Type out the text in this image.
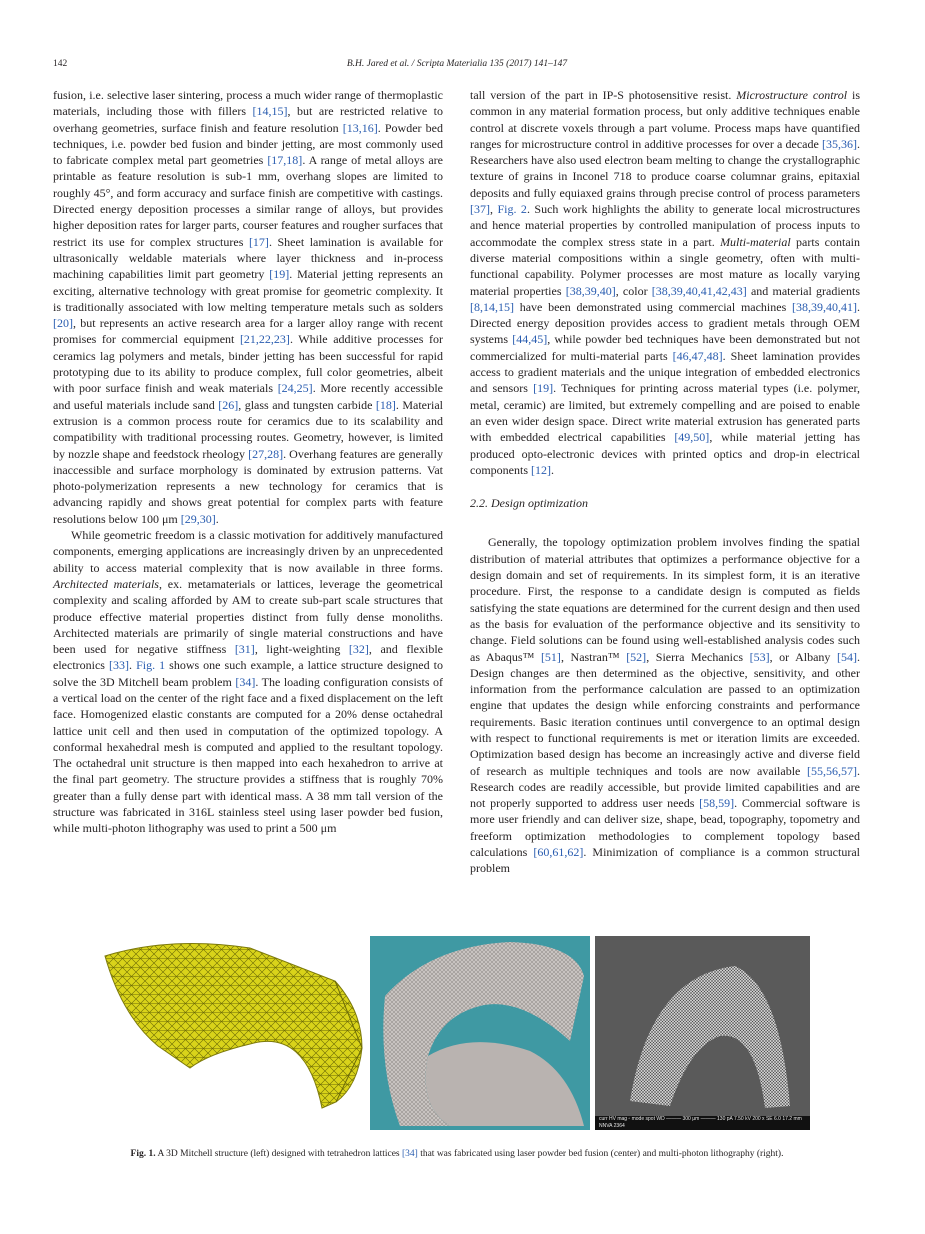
142	B.H. Jared et al. / Scripta Materialia 135 (2017) 141–147

fusion, i.e. selective laser sintering, process a much wider range of thermoplastic materials, including those with fillers [14,15], but are restricted relative to overhang geometries, surface finish and feature resolution [13,16]. Powder bed techniques, i.e. powder bed fusion and binder jetting, are most commonly used to fabricate complex metal part geometries [17,18]. A range of metal alloys are printable as feature resolution is sub-1 mm, overhang slopes are limited to roughly 45°, and form accuracy and surface finish are competitive with castings. Directed energy deposition processes a similar range of alloys, but provides higher deposition rates for larger parts, courser features and rougher surfaces that restrict its use for complex structures [17]. Sheet lamination is available for ultrasonically weldable materials where layer thickness and in-process machining capabilities limit part geometry [19]. Material jetting represents an exciting, alternative technology with great promise for geometric complexity. It is traditionally associated with low melting temperature metals such as solders [20], but represents an active research area for a larger alloy range with recent promises for commercial equipment [21,22,23]. While additive processes for ceramics lag polymers and metals, binder jetting has been successful for rapid prototyping due to its ability to produce complex, full color geometries, albeit with poor surface finish and weak materials [24,25]. More recently accessible and useful materials include sand [26], glass and tungsten carbide [18]. Material extrusion is a common process route for ceramics due to its scalability and compatibility with traditional processing routes. Geometry, however, is limited by nozzle shape and feedstock rheology [27,28]. Overhang features are generally inaccessible and surface morphology is dominated by extrusion patterns. Vat photo-polymerization represents a new technology for ceramics that is advancing rapidly and shows great potential for complex parts with feature resolutions below 100 μm [29,30].

While geometric freedom is a classic motivation for additively manufactured components, emerging applications are increasingly driven by an unprecedented ability to access material complexity that is now available in three forms. Architected materials, ex. metamaterials or lattices, leverage the geometrical complexity and scaling afforded by AM to create sub-part scale structures that produce effective material properties distinct from fully dense monoliths. Architected materials are primarily of single material constructions and have been used for negative stiffness [31], light-weighting [32], and flexible electronics [33]. Fig. 1 shows one such example, a lattice structure designed to solve the 3D Mitchell beam problem [34]. The loading configuration consists of a vertical load on the center of the right face and a fixed displacement on the left face. Homogenized elastic constants are computed for a 20% dense octahedral lattice unit cell and then used in computation of the optimized topology. A conformal hexahedral mesh is computed and applied to the resultant topology. The octahedral unit structure is then mapped into each hexahedron to arrive at the final part geometry. The structure provides a stiffness that is roughly 70% greater than a fully dense part with identical mass. A 38 mm tall version of the structure was fabricated in 316L stainless steel using laser powder bed fusion, while multi-photon lithography was used to print a 500 μm

tall version of the part in IP-S photosensitive resist. Microstructure control is common in any material formation process, but only additive techniques enable control at discrete voxels through a part volume. Process maps have quantified ranges for microstructure control in additive processes for over a decade [35,36]. Researchers have also used electron beam melting to change the crystallographic texture of grains in Inconel 718 to produce coarse columnar grains, epitaxial deposits and fully equiaxed grains through precise control of process parameters [37], Fig. 2. Such work highlights the ability to generate local microstructures and hence material properties by controlled manipulation of process inputs to accommodate the complex stress state in a part. Multi-material parts contain diverse material compositions within a single geometry, often with multi-functional capability. Polymer processes are most mature as locally varying material properties [38,39,40], color [38,39,40,41,42,43] and material gradients [8,14,15] have been demonstrated using commercial machines [38,39,40,41]. Directed energy deposition provides access to gradient metals through OEM systems [44,45], while powder bed techniques have been demonstrated but not commercialized for multi-material parts [46,47,48]. Sheet lamination provides access to gradient materials and the unique integration of embedded electronics and sensors [19]. Techniques for printing across material types (i.e. polymer, metal, ceramic) are limited, but extremely compelling and are poised to enable an even wider design space. Direct write material extrusion has generated parts with embedded electrical capabilities [49,50], while material jetting has produced opto-electronic devices with printed optics and drop-in electrical components [12].

2.2. Design optimization

Generally, the topology optimization problem involves finding the spatial distribution of material attributes that optimizes a performance objective for a design domain and set of requirements. In its simplest form, it is an iterative procedure. First, the response to a candidate design is computed as fields satisfying the state equations are determined for the current design and then used as the basis for evaluation of the performance objective and its sensitivity to change. Field solutions can be found using well-established analysis codes such as Abaqus™ [51], Nastran™ [52], Sierra Mechanics [53], or Albany [54]. Design changes are then determined as the objective, sensitivity, and other information from the performance calculation are passed to an optimization engine that updates the design while enforcing constraints and performance requirements. Basic iteration continues until convergence to an optimal design with respect to functional requirements is met or iteration limits are exceeded. Optimization based design has become an increasingly active and diverse field of research as multiple techniques and tools are now available [55,56,57]. Research codes are readily accessible, but provide limited capabilities and are not properly supported to address user needs [58,59]. Commercial software is more user friendly and can deliver size, shape, bead, topography, topometry and freeform optimization methodologies to complement topology based calculations [60,61,62]. Minimization of compliance is a common structural problem

curr HV mag ▫ mode spot WD ——— 300 μm ——— 130 pA 7.50 kV 200 x SE 6.0 17.2 mm NNVA 2364
Fig. 1. A 3D Mitchell structure (left) designed with tetrahedron lattices [34] that was fabricated using laser powder bed fusion (center) and multi-photon lithography (right).
